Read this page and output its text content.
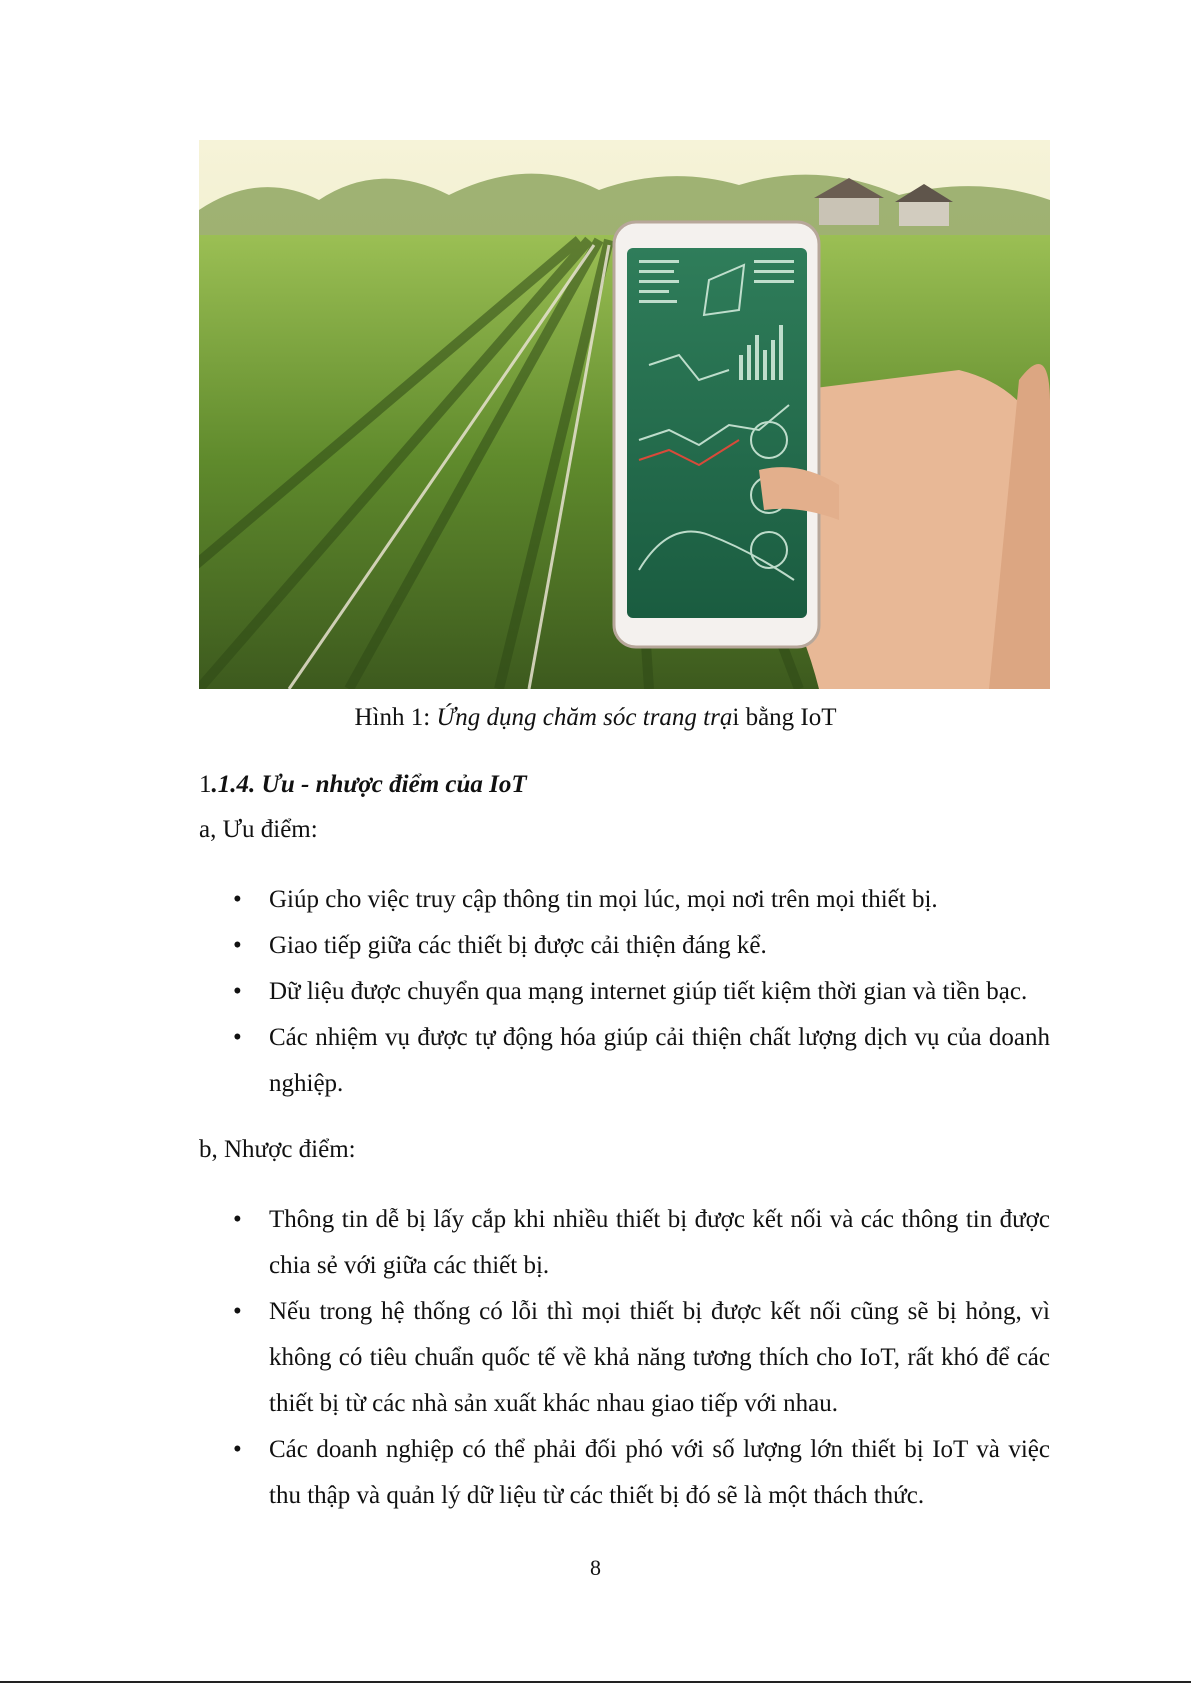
Hình 1: Ứng dụng chăm sóc trang trại bằng IoT
1.1.4. Ưu - nhược điểm của IoT
a, Ưu điểm:
• Giúp cho việc truy cập thông tin mọi lúc, mọi nơi trên mọi thiết bị.
• Giao tiếp giữa các thiết bị được cải thiện đáng kể.
• Dữ liệu được chuyển qua mạng internet giúp tiết kiệm thời gian và tiền bạc.
• Các nhiệm vụ được tự động hóa giúp cải thiện chất lượng dịch vụ của doanh nghiệp.
b, Nhược điểm:
• Thông tin dễ bị lấy cắp khi nhiều thiết bị được kết nối và các thông tin được chia sẻ với giữa các thiết bị.
• Nếu trong hệ thống có lỗi thì mọi thiết bị được kết nối cũng sẽ bị hỏng, vì không có tiêu chuẩn quốc tế về khả năng tương thích cho IoT, rất khó để các thiết bị từ các nhà sản xuất khác nhau giao tiếp với nhau.
• Các doanh nghiệp có thể phải đối phó với số lượng lớn thiết bị IoT và việc thu thập và quản lý dữ liệu từ các thiết bị đó sẽ là một thách thức.
8
